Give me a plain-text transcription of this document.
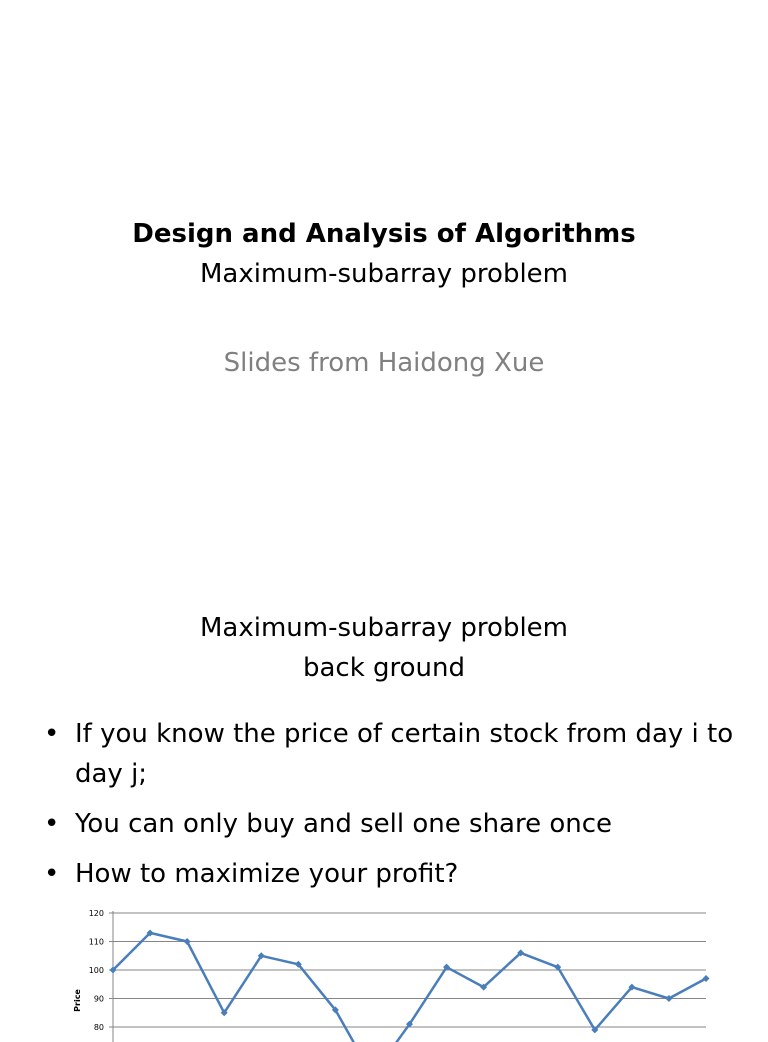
Design and Analysis of Algorithms
Maximum-subarray problem
Slides from Haidong Xue
Maximum-subarray problem
back ground
• If you know the price of certain stock from day i to day j;
• You can only buy and sell one share once
• How to maximize your profit?
120
110
100
90
80
Price
